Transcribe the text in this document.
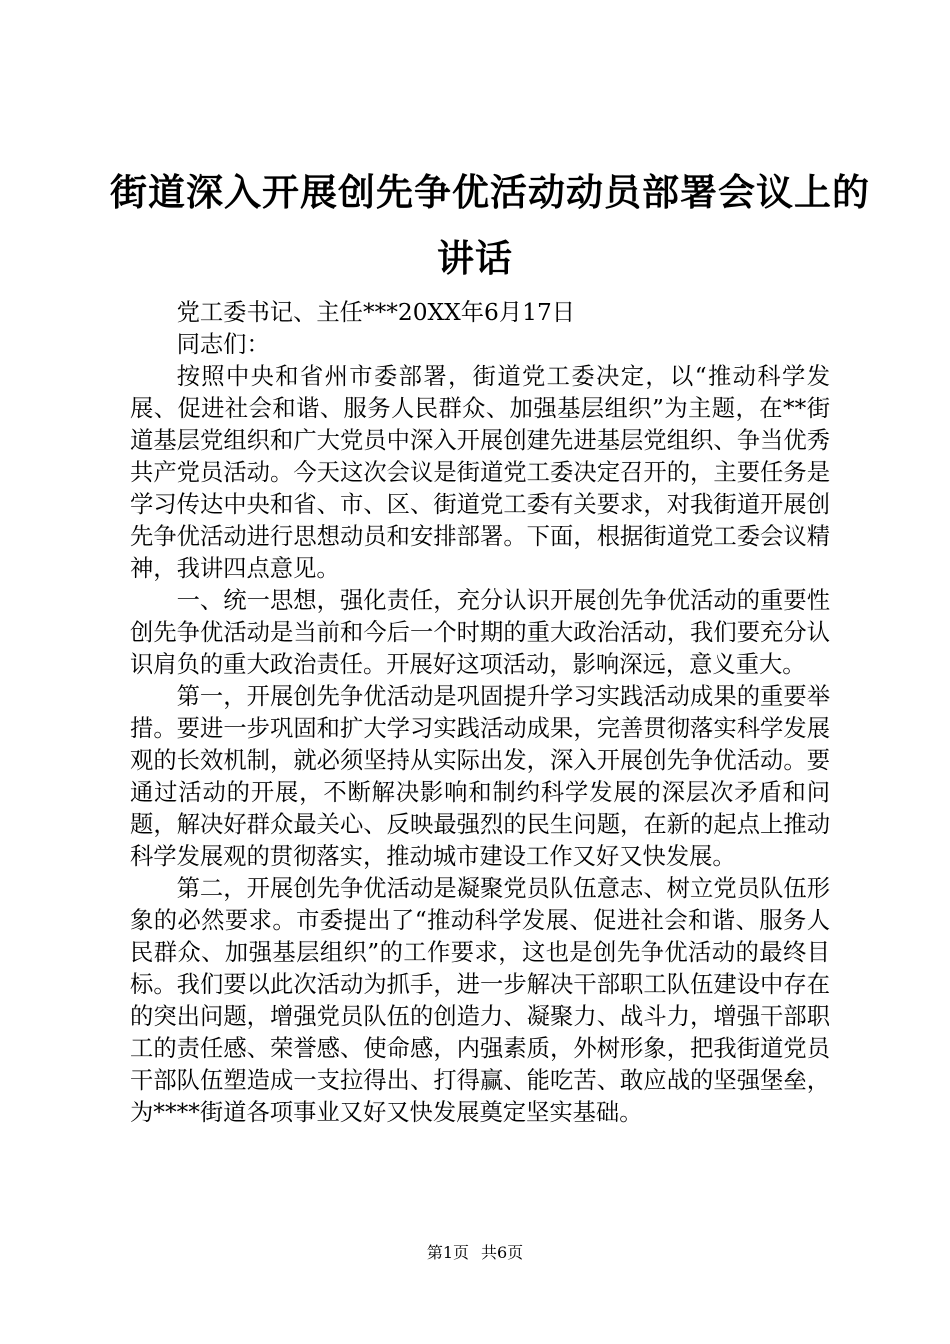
街道深入开展创先争优活动动员部署会议上的
讲话

党工委书记、主任***20XX年6月17日

同志们：

按照中央和省州市委部署，街道党工委决定，以“推动科学发展、促进社会和谐、服务人民群众、加强基层组织”为主题，在**街道基层党组织和广大党员中深入开展创建先进基层党组织、争当优秀共产党员活动。今天这次会议是街道党工委决定召开的，主要任务是学习传达中央和省、市、区、街道党工委有关要求，对我街道开展创先争优活动进行思想动员和安排部署。下面，根据街道党工委会议精神，我讲四点意见。

一、统一思想，强化责任，充分认识开展创先争优活动的重要性创先争优活动是当前和今后一个时期的重大政治活动，我们要充分认识肩负的重大政治责任。开展好这项活动，影响深远，意义重大。

第一，开展创先争优活动是巩固提升学习实践活动成果的重要举措。要进一步巩固和扩大学习实践活动成果，完善贯彻落实科学发展观的长效机制，就必须坚持从实际出发，深入开展创先争优活动。要通过活动的开展，不断解决影响和制约科学发展的深层次矛盾和问题，解决好群众最关心、反映最强烈的民生问题，在新的起点上推动科学发展观的贯彻落实，推动城市建设工作又好又快发展。

第二，开展创先争优活动是凝聚党员队伍意志、树立党员队伍形象的必然要求。市委提出了“推动科学发展、促进社会和谐、服务人民群众、加强基层组织”的工作要求，这也是创先争优活动的最终目标。我们要以此次活动为抓手，进一步解决干部职工队伍建设中存在的突出问题，增强党员队伍的创造力、凝聚力、战斗力，增强干部职工的责任感、荣誉感、使命感，内强素质，外树形象，把我街道党员干部队伍塑造成一支拉得出、打得赢、能吃苦、敢应战的坚强堡垒，为****街道各项事业又好又快发展奠定坚实基础。

第1页 共6页
